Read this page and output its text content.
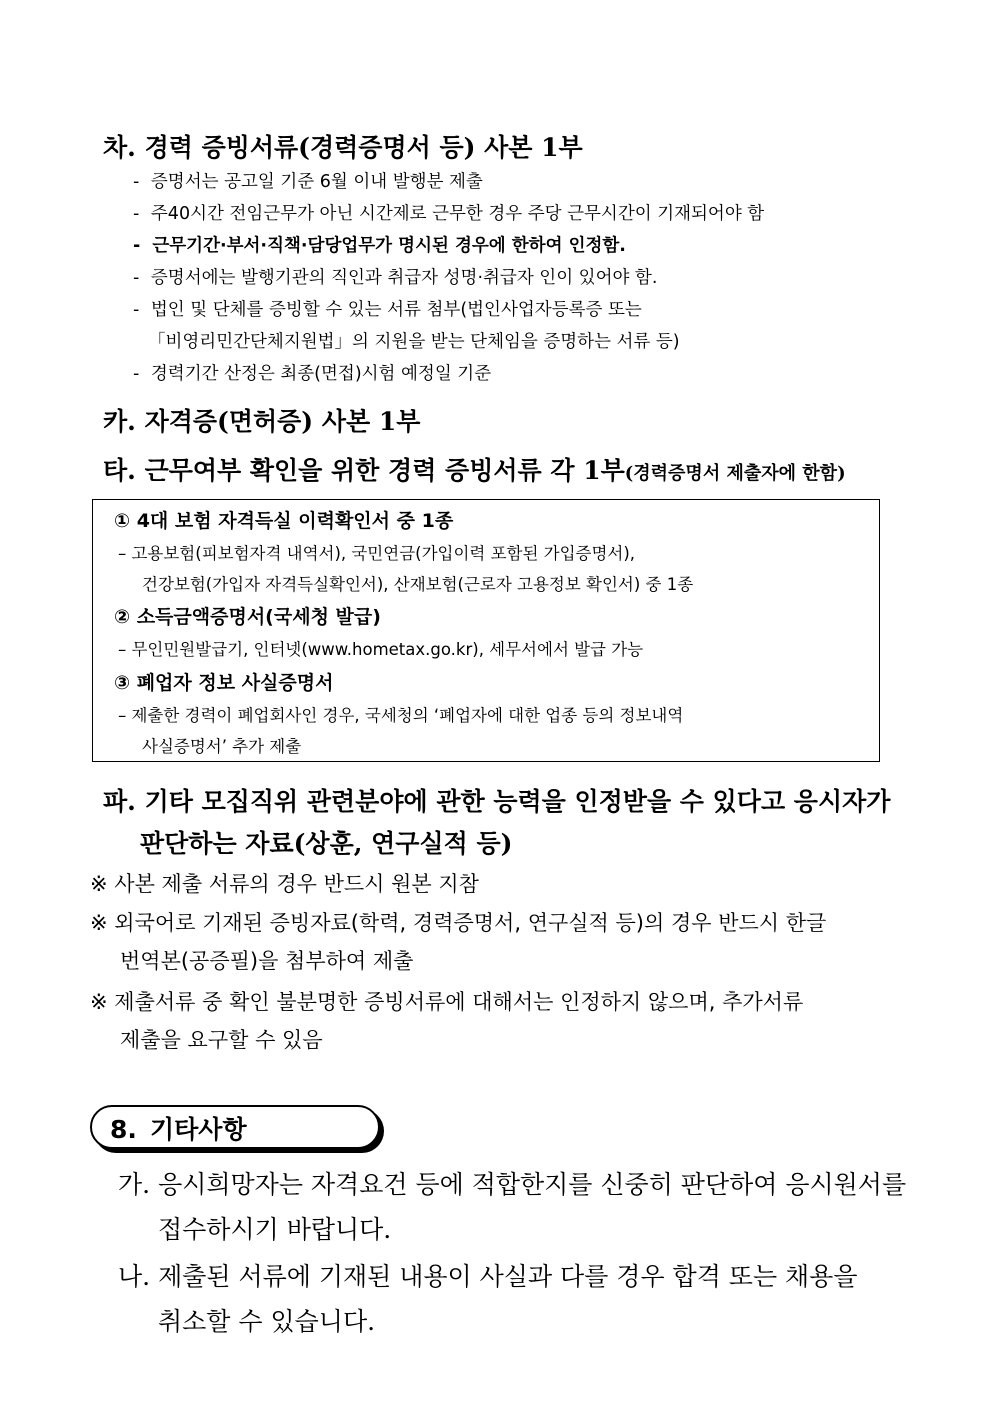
차. 경력 증빙서류(경력증명서 등) 사본 1부
- 증명서는 공고일 기준 6월 이내 발행분 제출
- 주40시간 전임근무가 아닌 시간제로 근무한 경우 주당 근무시간이 기재되어야 함
- 근무기간·부서·직책·담당업무가 명시된 경우에 한하여 인정함.
- 증명서에는 발행기관의 직인과 취급자 성명·취급자 인이 있어야 함.
- 법인 및 단체를 증빙할 수 있는 서류 첨부(법인사업자등록증 또는
「비영리민간단체지원법」의 지원을 받는 단체임을 증명하는 서류 등)
- 경력기간 산정은 최종(면접)시험 예정일 기준
카. 자격증(면허증) 사본 1부
타. 근무여부 확인을 위한 경력 증빙서류 각 1부(경력증명서 제출자에 한함)
① 4대 보험 자격득실 이력확인서 중 1종
– 고용보험(피보험자격 내역서), 국민연금(가입이력 포함된 가입증명서),
건강보험(가입자 자격득실확인서), 산재보험(근로자 고용정보 확인서) 중 1종
② 소득금액증명서(국세청 발급)
– 무인민원발급기, 인터넷(www.hometax.go.kr), 세무서에서 발급 가능
③ 폐업자 정보 사실증명서
– 제출한 경력이 폐업회사인 경우, 국세청의 ‘폐업자에 대한 업종 등의 정보내역
사실증명서’ 추가 제출
파. 기타 모집직위 관련분야에 관한 능력을 인정받을 수 있다고 응시자가
판단하는 자료(상훈, 연구실적 등)
※ 사본 제출 서류의 경우 반드시 원본 지참
※ 외국어로 기재된 증빙자료(학력, 경력증명서, 연구실적 등)의 경우 반드시 한글
번역본(공증필)을 첨부하여 제출
※ 제출서류 중 확인 불분명한 증빙서류에 대해서는 인정하지 않으며, 추가서류
제출을 요구할 수 있음
8. 기타사항
가. 응시희망자는 자격요건 등에 적합한지를 신중히 판단하여 응시원서를
접수하시기 바랍니다.
나. 제출된 서류에 기재된 내용이 사실과 다를 경우 합격 또는 채용을
취소할 수 있습니다.
